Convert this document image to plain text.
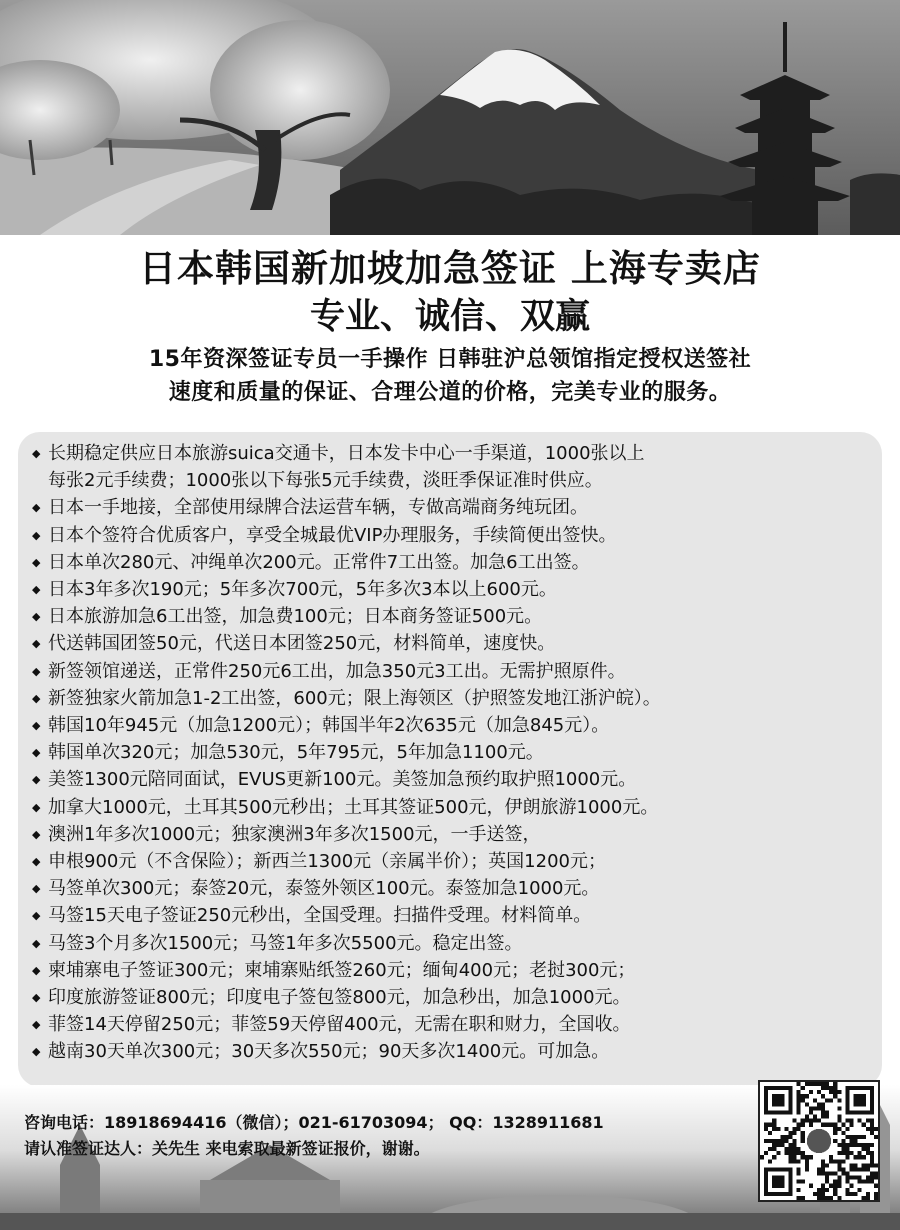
日本韩国新加坡加急签证 上海专卖店
专业、诚信、双赢
15年资深签证专员一手操作 日韩驻沪总领馆指定授权送签社
速度和质量的保证、合理公道的价格，完美专业的服务。
◆ 长期稳定供应日本旅游suica交通卡，日本发卡中心一手渠道，1000张以上
每张2元手续费；1000张以下每张5元手续费，淡旺季保证准时供应。
◆ 日本一手地接，全部使用绿牌合法运营车辆，专做高端商务纯玩团。
◆ 日本个签符合优质客户，享受全城最优VIP办理服务，手续简便出签快。
◆ 日本单次280元、冲绳单次200元。正常件7工出签。加急6工出签。
◆ 日本3年多次190元；5年多次700元，5年多次3本以上600元。
◆ 日本旅游加急6工出签，加急费100元；日本商务签证500元。
◆ 代送韩国团签50元，代送日本团签250元，材料简单，速度快。
◆ 新签领馆递送，正常件250元6工出，加急350元3工出。无需护照原件。
◆ 新签独家火箭加急1-2工出签，600元；限上海领区（护照签发地江浙沪皖）。
◆ 韩国10年945元（加急1200元）；韩国半年2次635元（加急845元）。
◆ 韩国单次320元；加急530元，5年795元，5年加急1100元。
◆ 美签1300元陪同面试，EVUS更新100元。美签加急预约取护照1000元。
◆ 加拿大1000元，土耳其500元秒出；土耳其签证500元，伊朗旅游1000元。
◆ 澳洲1年多次1000元；独家澳洲3年多次1500元，一手送签，
◆ 申根900元（不含保险）；新西兰1300元（亲属半价）；英国1200元；
◆ 马签单次300元；泰签20元，泰签外领区100元。泰签加急1000元。
◆ 马签15天电子签证250元秒出，全国受理。扫描件受理。材料简单。
◆ 马签3个月多次1500元；马签1年多次5500元。稳定出签。
◆ 柬埔寨电子签证300元；柬埔寨贴纸签260元；缅甸400元；老挝300元；
◆ 印度旅游签证800元；印度电子签包签800元，加急秒出，加急1000元。
◆ 菲签14天停留250元；菲签59天停留400元，无需在职和财力，全国收。
◆ 越南30天单次300元；30天多次550元；90天多次1400元。可加急。
咨询电话：18918694416（微信）；021-61703094； QQ：1328911681
请认准签证达人：关先生 来电索取最新签证报价，谢谢。
